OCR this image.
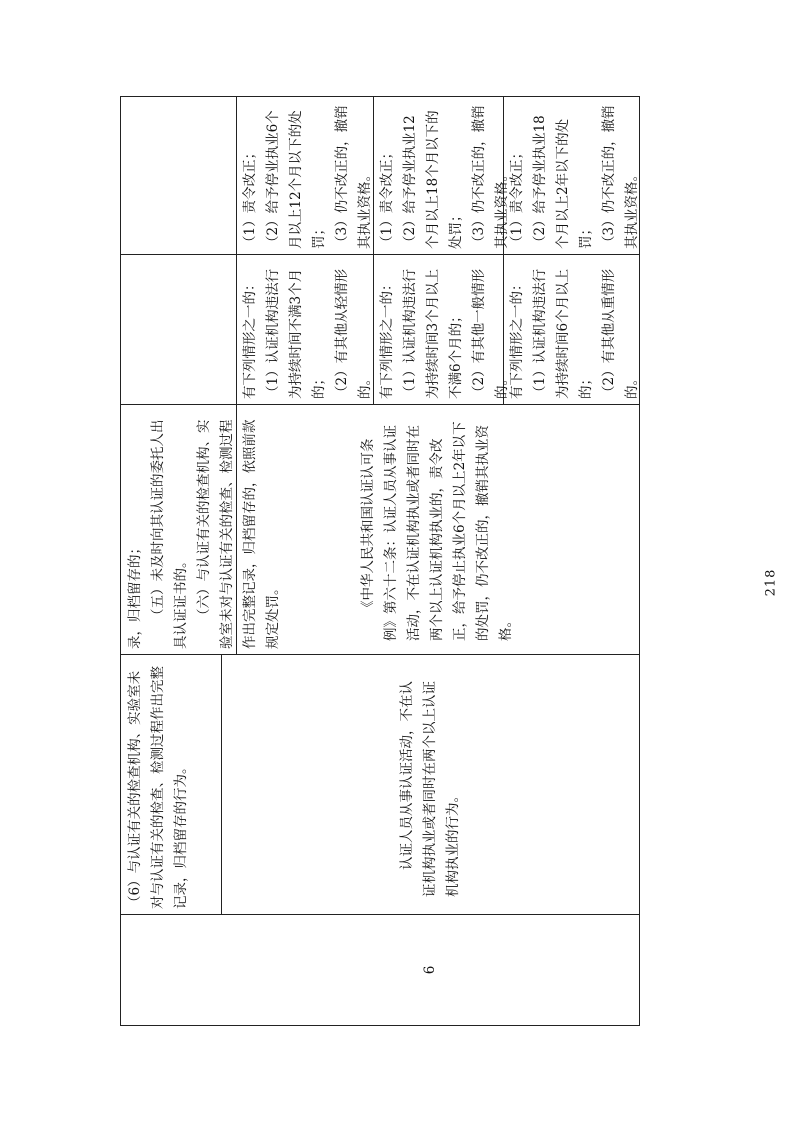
6

（6）与认证有关的检查机构、实验室未对与认证有关的检查、检测过程作出完整记录，归档留存的行为。	认证人员从事认证活动，不在认证机构执业或者同时在两个以上认证机构执业的行为。

录，归档留存的； （五）未及时向其认证的委托人出具认证证书的。 （六）与认证有关的检查机构、实验室未对与认证有关的检查、检测过程作出完整记录，归档留存的，依照前款规定处罚。

《中华人民共和国认证认可条例》第六十二条：认证人员从事认证活动，不在认证机构执业或者同时在两个以上认证机构执业的，责令改正，给予停止执业6个月以上2年以下的处罚，仍不改正的，撤销其执业资格。

有下列情形之一的： （1）认证机构违法行为持续时间不满3个月的； （2）有其他从轻情形的。

（1）责令改正； （2）给予停业执业6个月以上12个月以下的处罚； （3）仍不改正的，撤销其执业资格。

有下列情形之一的： （1）认证机构违法行为持续时间3个月以上不满6个月的； （2）有其他一般情形的。

（1）责令改正； （2）给予停业执业12个月以上18个月以下的处罚； （3）仍不改正的，撤销其执业资格。

有下列情形之一的： （1）认证机构违法行为持续时间6个月以上的； （2）有其他从重情形的。

（1）责令改正； （2）给予停业执业18个月以上2年以下的处罚； （3）仍不改正的，撤销其执业资格。

218
